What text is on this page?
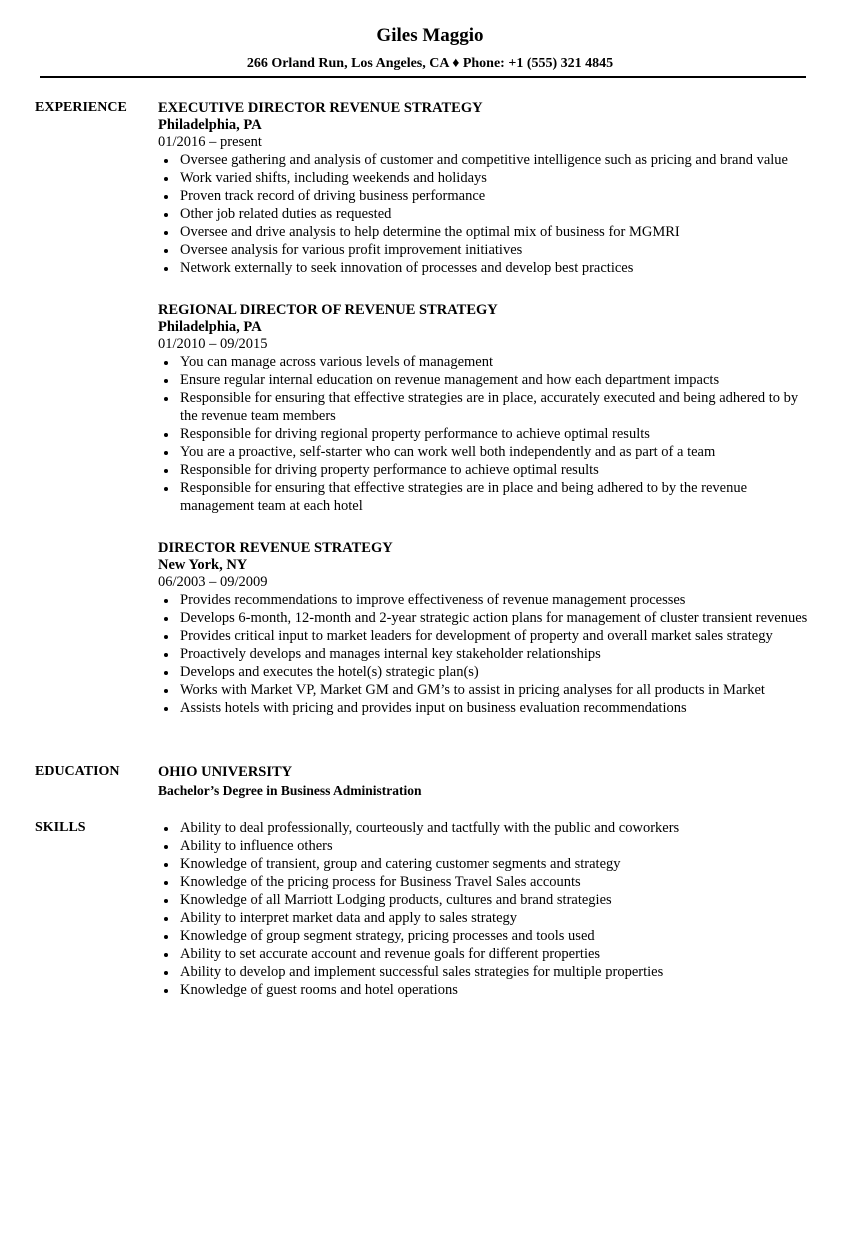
Giles Maggio
266 Orland Run, Los Angeles, CA ♦ Phone: +1 (555) 321 4845
EXPERIENCE EXECUTIVE DIRECTOR REVENUE STRATEGY
Philadelphia, PA
01/2016 – present
Oversee gathering and analysis of customer and competitive intelligence such as pricing and brand value
Work varied shifts, including weekends and holidays
Proven track record of driving business performance
Other job related duties as requested
Oversee and drive analysis to help determine the optimal mix of business for MGMRI
Oversee analysis for various profit improvement initiatives
Network externally to seek innovation of processes and develop best practices
REGIONAL DIRECTOR OF REVENUE STRATEGY
Philadelphia, PA
01/2010 – 09/2015
You can manage across various levels of management
Ensure regular internal education on revenue management and how each department impacts
Responsible for ensuring that effective strategies are in place, accurately executed and being adhered to by the revenue team members
Responsible for driving regional property performance to achieve optimal results
You are a proactive, self-starter who can work well both independently and as part of a team
Responsible for driving property performance to achieve optimal results
Responsible for ensuring that effective strategies are in place and being adhered to by the revenue management team at each hotel
DIRECTOR REVENUE STRATEGY
New York, NY
06/2003 – 09/2009
Provides recommendations to improve effectiveness of revenue management processes
Develops 6-month, 12-month and 2-year strategic action plans for management of cluster transient revenues
Provides critical input to market leaders for development of property and overall market sales strategy
Proactively develops and manages internal key stakeholder relationships
Develops and executes the hotel(s) strategic plan(s)
Works with Market VP, Market GM and GM’s to assist in pricing analyses for all products in Market
Assists hotels with pricing and provides input on business evaluation recommendations
EDUCATION	OHIO UNIVERSITY
Bachelor’s Degree in Business Administration
SKILLS	Ability to deal professionally, courteously and tactfully with the public and coworkers
Ability to influence others
Knowledge of transient, group and catering customer segments and strategy
Knowledge of the pricing process for Business Travel Sales accounts
Knowledge of all Marriott Lodging products, cultures and brand strategies
Ability to interpret market data and apply to sales strategy
Knowledge of group segment strategy, pricing processes and tools used
Ability to set accurate account and revenue goals for different properties
Ability to develop and implement successful sales strategies for multiple properties
Knowledge of guest rooms and hotel operations
